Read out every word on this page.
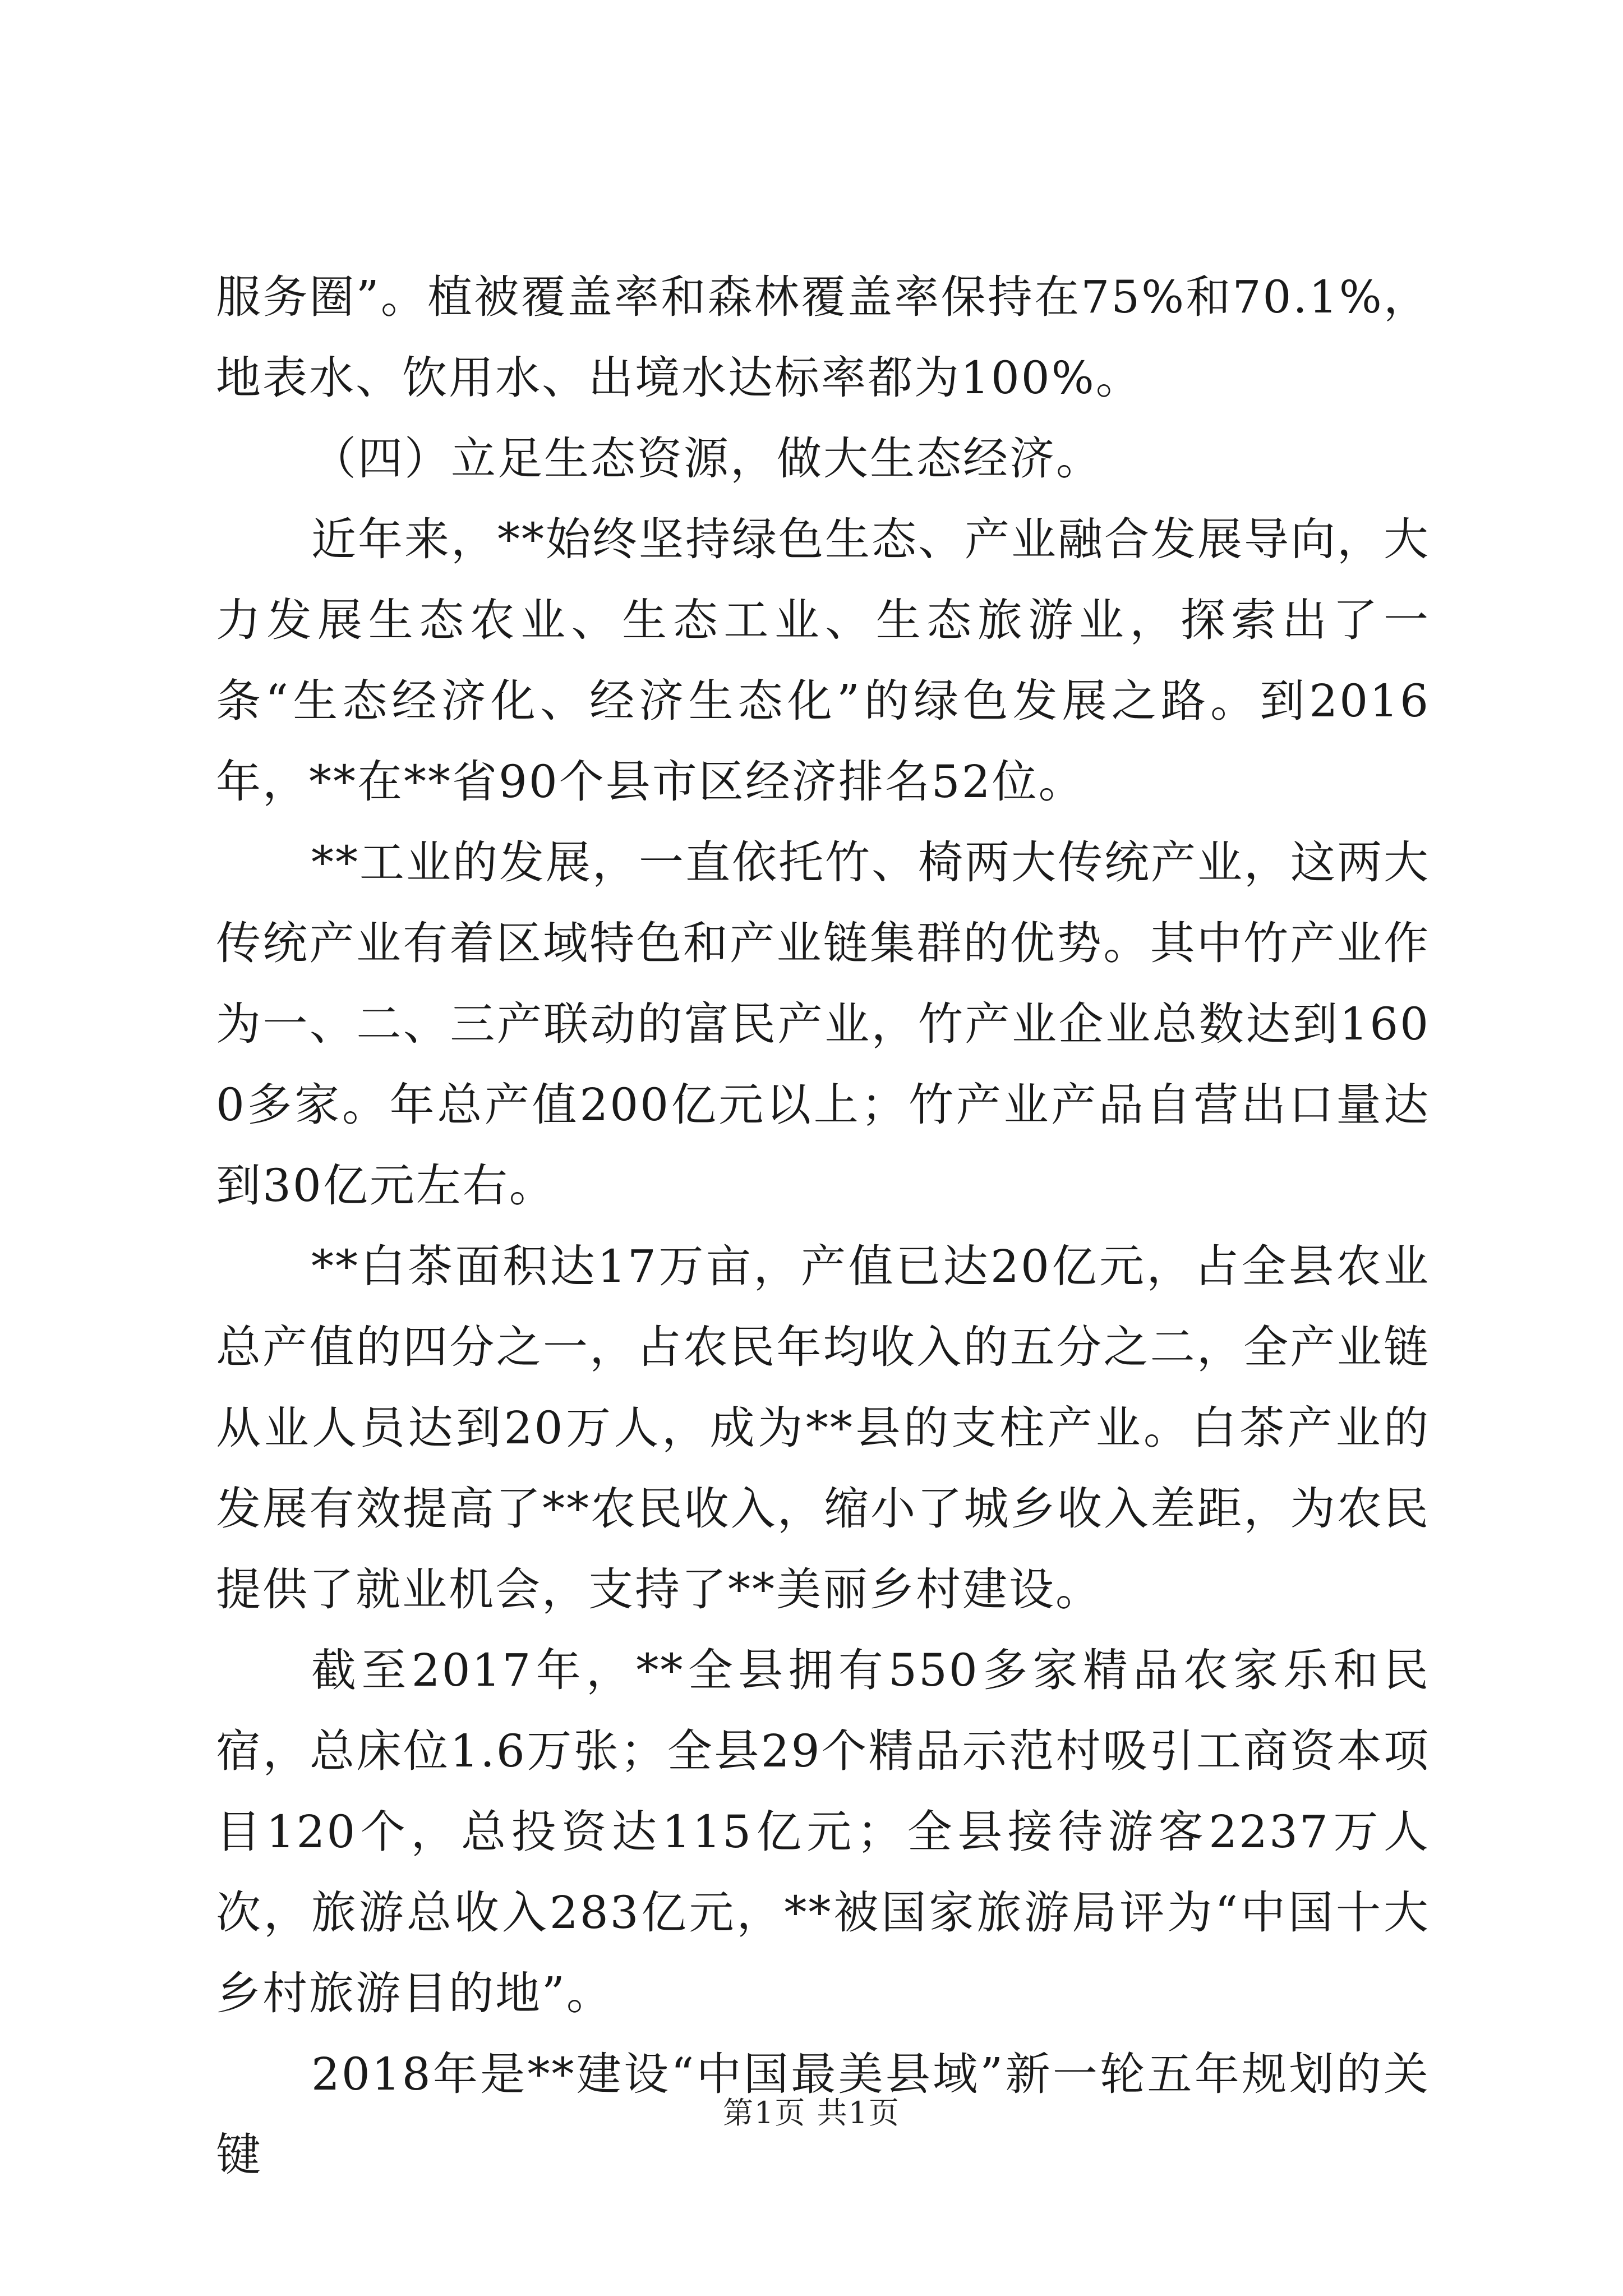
服务圈”。植被覆盖率和森林覆盖率保持在75%和70.1%，地表水、饮用水、出境水达标率都为100%。

（四）立足生态资源，做大生态经济。

近年来，**始终坚持绿色生态、产业融合发展导向，大力发展生态农业、生态工业、生态旅游业，探索出了一条“生态经济化、经济生态化”的绿色发展之路。到2016年，**在**省90个县市区经济排名52位。

**工业的发展，一直依托竹、椅两大传统产业，这两大传统产业有着区域特色和产业链集群的优势。其中竹产业作为一、二、三产联动的富民产业，竹产业企业总数达到1600多家。年总产值200亿元以上；竹产业产品自营出口量达到30亿元左右。

**白茶面积达17万亩，产值已达20亿元，占全县农业总产值的四分之一，占农民年均收入的五分之二，全产业链从业人员达到20万人，成为**县的支柱产业。白茶产业的发展有效提高了**农民收入，缩小了城乡收入差距，为农民提供了就业机会，支持了**美丽乡村建设。

截至2017年，**全县拥有550多家精品农家乐和民宿，总床位1.6万张；全县29个精品示范村吸引工商资本项目120个，总投资达115亿元；全县接待游客2237万人次，旅游总收入283亿元，**被国家旅游局评为“中国十大乡村旅游目的地”。

2018年是**建设“中国最美县域”新一轮五年规划的关键

第1页 共1页
